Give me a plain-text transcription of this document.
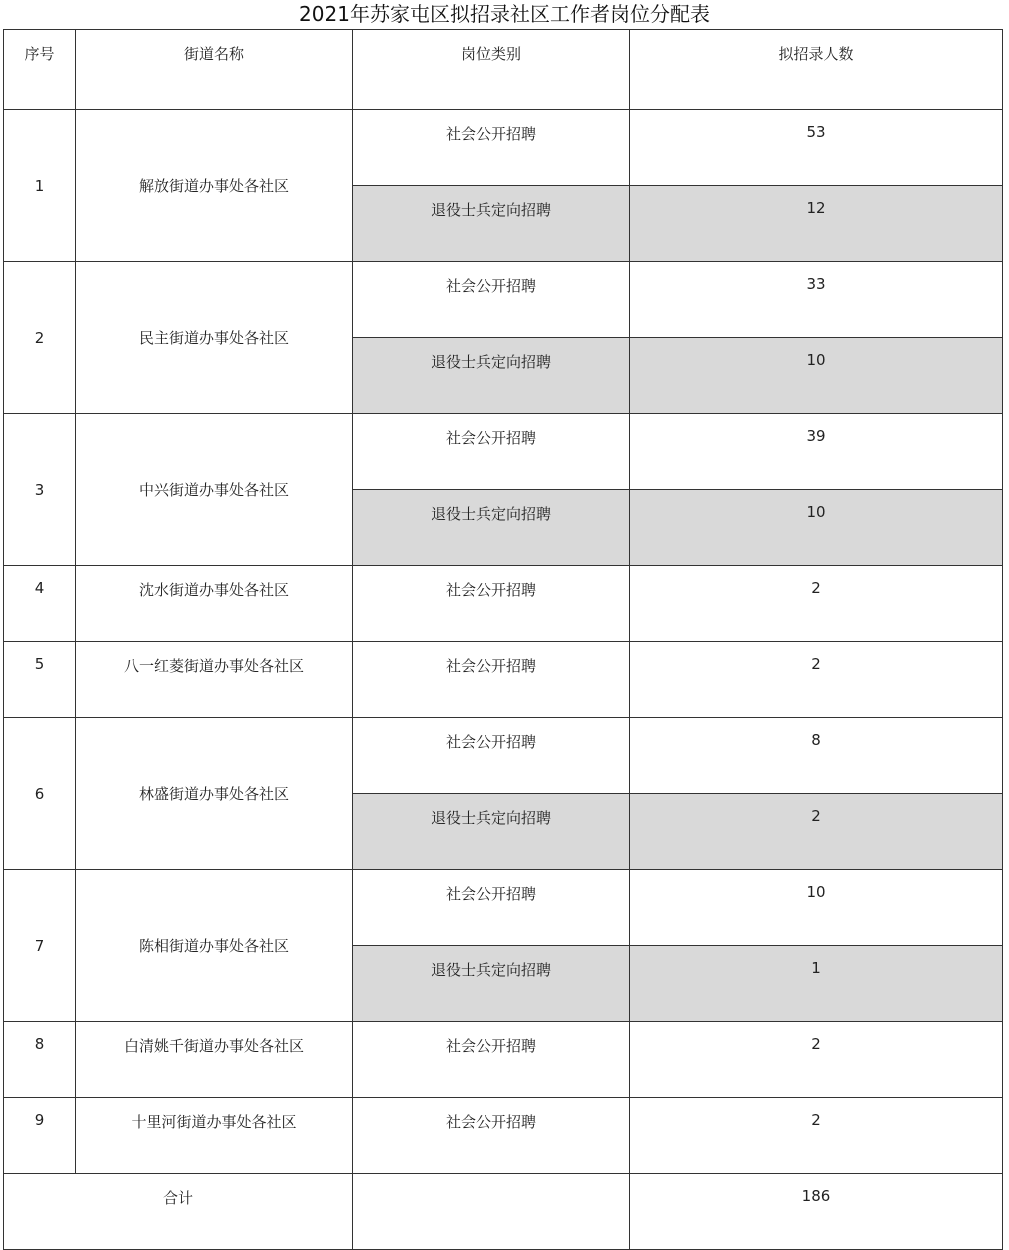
2021年苏家屯区拟招录社区工作者岗位分配表
序号	街道名称	岗位类别	拟招录人数
1	解放街道办事处各社区	社会公开招聘	53
		退役士兵定向招聘	12
2	民主街道办事处各社区	社会公开招聘	33
		退役士兵定向招聘	10
3	中兴街道办事处各社区	社会公开招聘	39
		退役士兵定向招聘	10
4	沈水街道办事处各社区	社会公开招聘	2
5	八一红菱街道办事处各社区	社会公开招聘	2
6	林盛街道办事处各社区	社会公开招聘	8
		退役士兵定向招聘	2
7	陈相街道办事处各社区	社会公开招聘	10
		退役士兵定向招聘	1
8	白清姚千街道办事处各社区	社会公开招聘	2
9	十里河街道办事处各社区	社会公开招聘	2
合计			186
